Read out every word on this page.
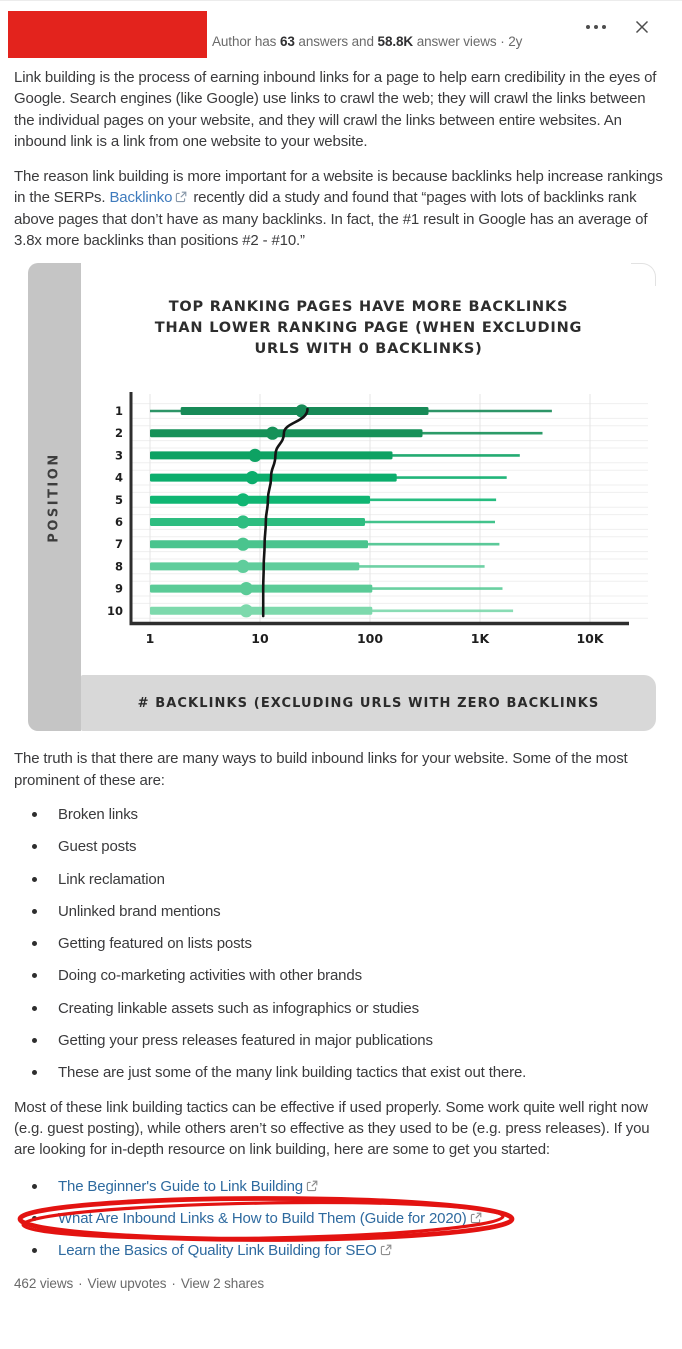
Author has 63 answers and 58.8K answer views · 2y

Link building is the process of earning inbound links for a page to help earn credibility in the eyes of Google. Search engines (like Google) use links to crawl the web; they will crawl the links between the individual pages on your website, and they will crawl the links between entire websites. An inbound link is a link from one website to your website.

The reason link building is more important for a website is because backlinks help increase rankings in the SERPs. Backlinko recently did a study and found that “pages with lots of backlinks rank above pages that don’t have as many backlinks. In fact, the #1 result in Google has an average of 3.8x more backlinks than positions #2 - #10.”

POSITION
TOP RANKING PAGES HAVE MORE BACKLINKS
THAN LOWER RANKING PAGE (WHEN EXCLUDING
URLS WITH 0 BACKLINKS)
1
2
3
4
5
6
7
8
9
10
1	10	100	1K	10K
# BACKLINKS (EXCLUDING URLS WITH ZERO BACKLINKS

The truth is that there are many ways to build inbound links for your website. Some of the most prominent of these are:

Broken links
Guest posts
Link reclamation
Unlinked brand mentions
Getting featured on lists posts
Doing co-marketing activities with other brands
Creating linkable assets such as infographics or studies
Getting your press releases featured in major publications
These are just some of the many link building tactics that exist out there.

Most of these link building tactics can be effective if used properly. Some work quite well right now (e.g. guest posting), while others aren’t so effective as they used to be (e.g. press releases). If you are looking for in-depth resource on link building, here are some to get you started:

The Beginner's Guide to Link Building
What Are Inbound Links & How to Build Them (Guide for 2020)
Learn the Basics of Quality Link Building for SEO
462 views · View upvotes · View 2 shares
